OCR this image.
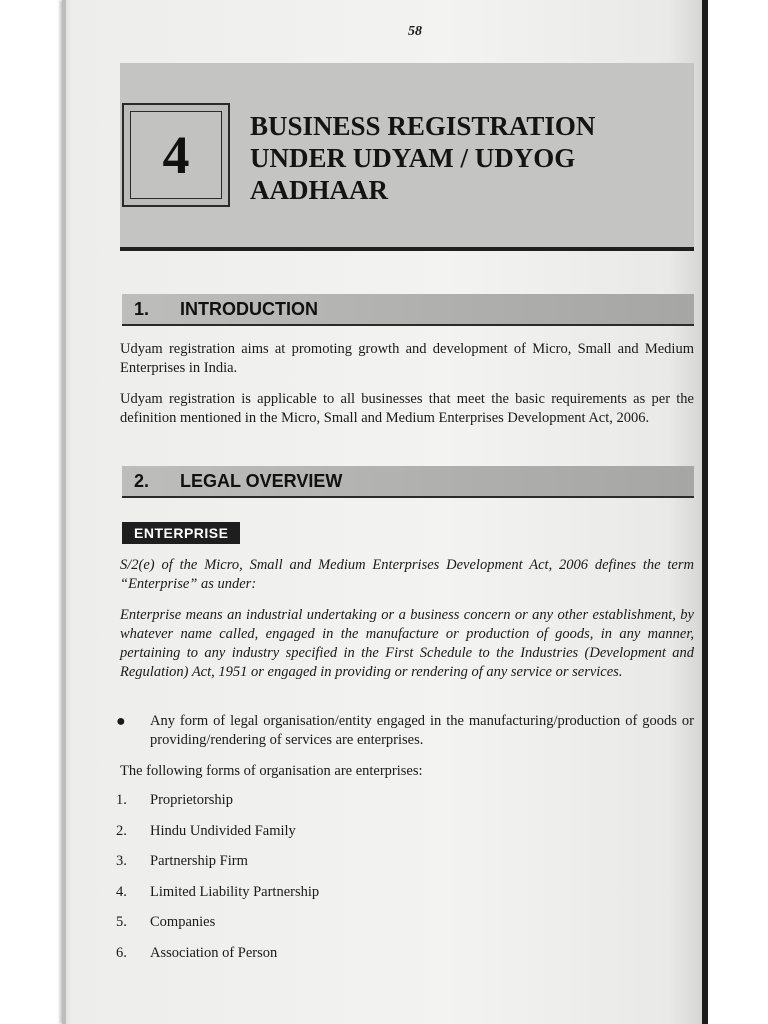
58
4	BUSINESS REGISTRATION
UNDER UDYAM / UDYOG
AADHAAR
1.	INTRODUCTION
Udyam registration aims at promoting growth and development of Micro, Small and Medium Enterprises in India.
Udyam registration is applicable to all businesses that meet the basic requirements as per the definition mentioned in the Micro, Small and Medium Enterprises Development Act, 2006.
2.	LEGAL OVERVIEW
ENTERPRISE
S/2(e) of the Micro, Small and Medium Enterprises Development Act, 2006 defines the term “Enterprise” as under:
Enterprise means an industrial undertaking or a business concern or any other establishment, by whatever name called, engaged in the manufacture or production of goods, in any manner, pertaining to any industry specified in the First Schedule to the Industries (Development and Regulation) Act, 1951 or engaged in providing or rendering of any service or services.
●	Any form of legal organisation/entity engaged in the manufacturing/production of goods or providing/rendering of services are enterprises.
The following forms of organisation are enterprises:
1.	Proprietorship
2.	Hindu Undivided Family
3.	Partnership Firm
4.	Limited Liability Partnership
5.	Companies
6.	Association of Person
